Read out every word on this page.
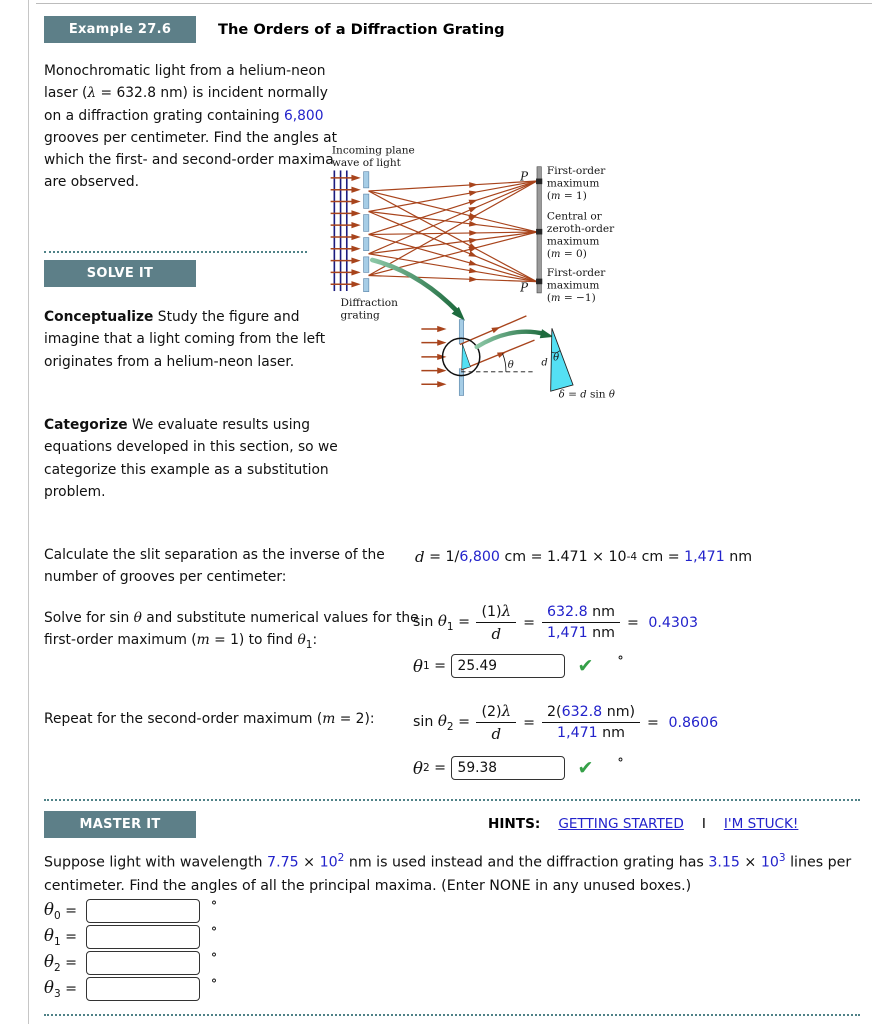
Example 27.6	The Orders of a Diffraction Grating

Monochromatic light from a helium-neon laser (λ = 632.8 nm) is incident normally on a diffraction grating containing 6,800 grooves per centimeter. Find the angles at which the first- and second-order maxima are observed.

SOLVE IT

Conceptualize Study the figure and imagine that a light coming from the left originates from a helium-neon laser.

Categorize We evaluate results using equations developed in this section, so we categorize this example as a substitution problem.

Incoming plane
wave of light
Diffraction
grating
P
P
First-order
maximum
(m = 1)
Central or
zeroth-order
maximum
(m = 0)
First-order
maximum
(m = −1)
θ d θ
δ = d sin θ

Calculate the slit separation as the inverse of the number of grooves per centimeter:

d = 1/ 6,800 cm = 1.471 × 10 -4 cm = 1,471 nm

Solve for sin θ and substitute numerical values for the first-order maximum (m = 1) to find $\theta_1$:

$\sin \theta_1 = \frac{(1)\lambda}{d} = \frac{632.8 nm}{1,471 nm} = 0.4303$
θ 1 =
25.49	✔ °

Repeat for the second-order maximum (m = 2):	$\sin \theta_2 = \frac{(2)\lambda}{d} = \frac{2(632.8 nm)}{1,471 nm} = 0.8606$
θ 2 =
59.38	✔ °
MASTER IT	HINTS: GETTING STARTED I I'M STUCK!

Suppose light with wavelength $7.75 \times 10^2$ nm is used instead and the diffraction grating has $3.15 \times 10^3$ lines per centimeter. Find the angles of all the principal maxima. (Enter NONE in any unused boxes.)

$\theta_0$ =	°
$\theta_1$ =	°
$\theta_2$ =	°
$\theta_3$ =	°
